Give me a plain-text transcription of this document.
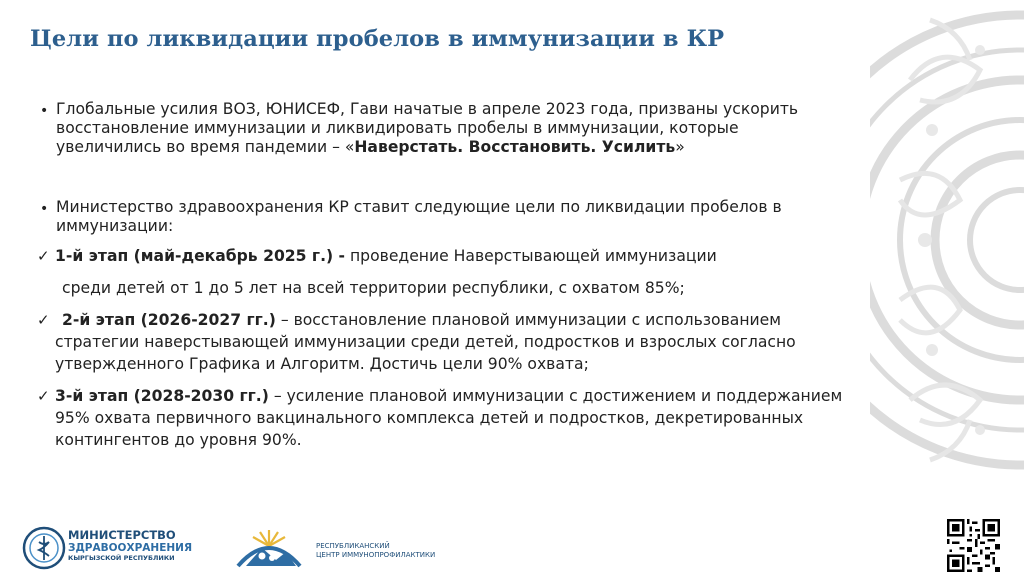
Цели по ликвидации пробелов в иммунизации в КР
• Глобальные усилия ВОЗ, ЮНИСЕФ, Гави начатые в апреле 2023 года, призваны ускорить
восстановление иммунизации и ликвидировать пробелы в иммунизации, которые
увеличились во время пандемии – «Наверстать. Восстановить. Усилить»
• Министерство здравоохранения КР ставит следующие цели по ликвидации пробелов в
иммунизации:
✓ 1-й этап (май-декабрь 2025 г.) - проведение Наверстывающей иммунизации
среди детей от 1 до 5 лет на всей территории республики, с охватом 85%;
✓ 2-й этап (2026-2027 гг.) – восстановление плановой иммунизации с использованием
стратегии наверстывающей иммунизации среди детей, подростков и взрослых согласно
утвержденного Графика и Алгоритм. Достичь цели 90% охвата;
✓ 3-й этап (2028-2030 гг.) – усиление плановой иммунизации с достижением и поддержанием
95% охвата первичного вакцинального комплекса детей и подростков, декретированных
контингентов до уровня 90%.
МИНИСТЕРСТВО
ЗДРАВООХРАНЕНИЯ
КЫРГЫЗСКОЙ РЕСПУБЛИКИ
РЕСПУБЛИКАНСКИЙ
ЦЕНТР ИММУНОПРОФИЛАКТИКИ
